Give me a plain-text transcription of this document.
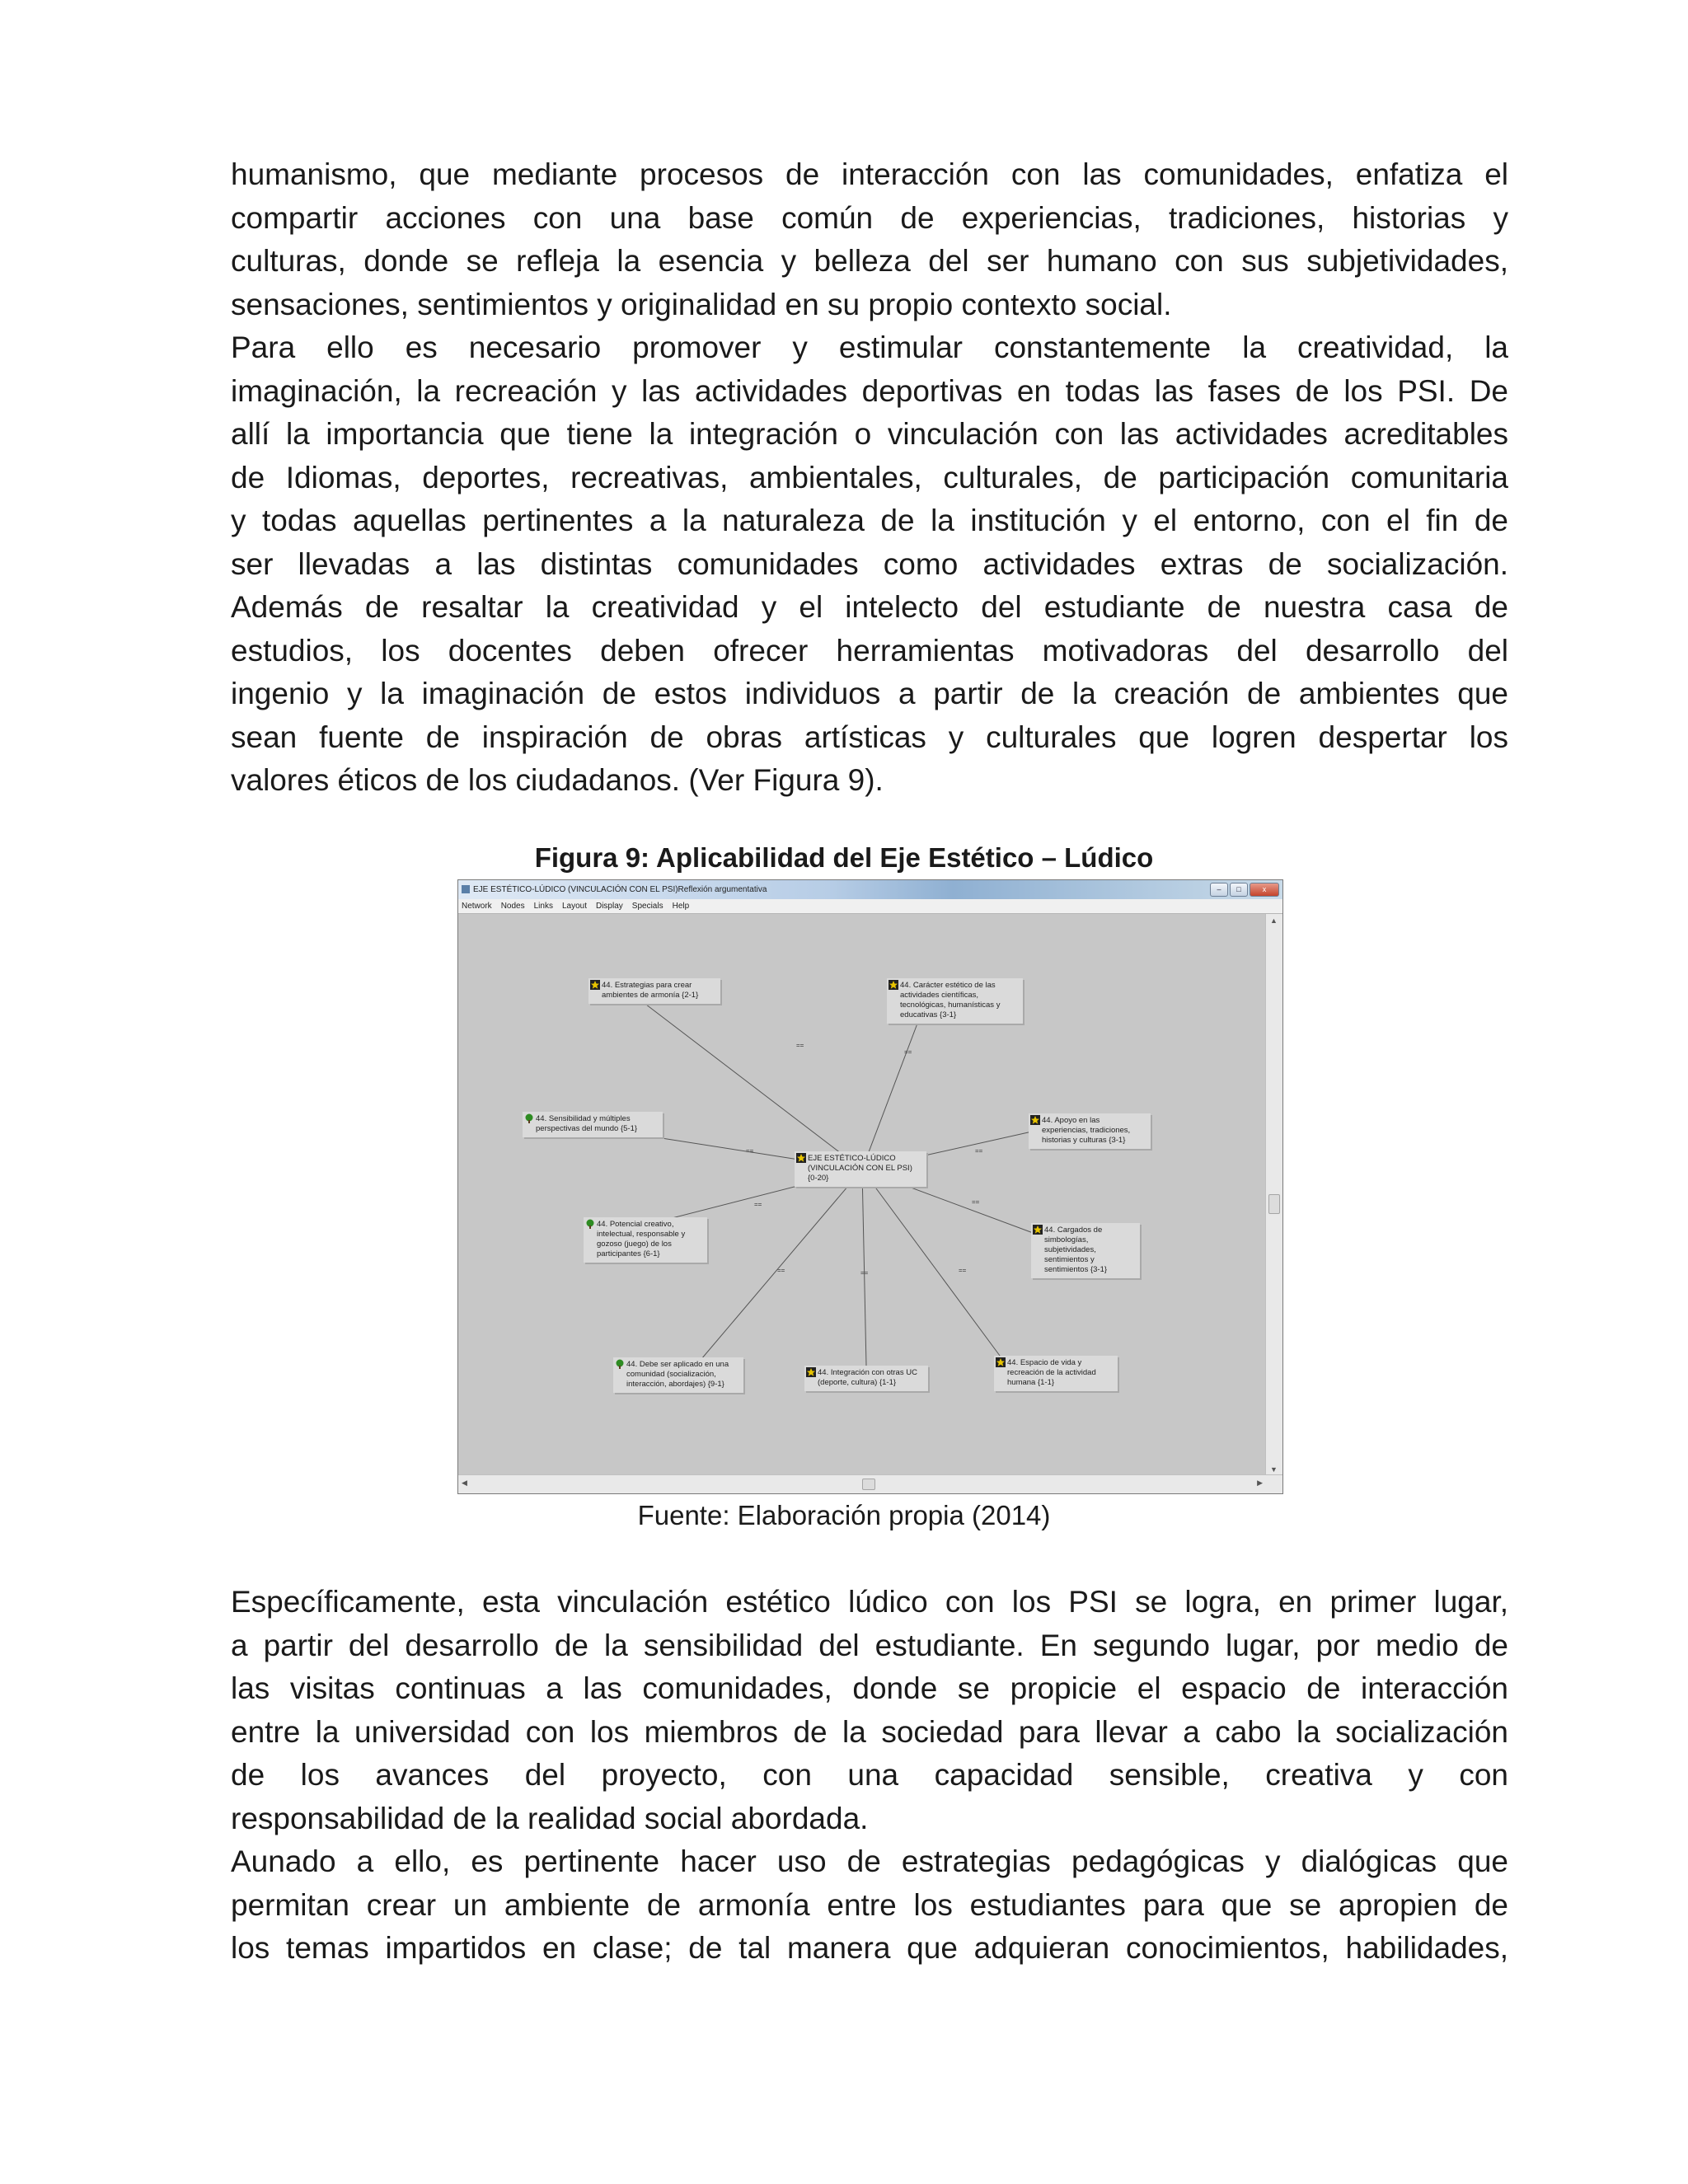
humanismo, que mediante procesos de interacción con las comunidades, enfatiza el
compartir acciones con una base común de experiencias, tradiciones, historias y
culturas, donde se refleja la esencia y belleza del ser humano con sus subjetividades,
sensaciones, sentimientos y originalidad en su propio contexto social.
Para ello es necesario promover y estimular constantemente la creatividad, la
imaginación, la recreación y las actividades deportivas en todas las fases de los PSI. De
allí la importancia que tiene la integración o vinculación con las actividades acreditables
de Idiomas, deportes, recreativas, ambientales, culturales, de participación comunitaria
y todas aquellas pertinentes a la naturaleza de la institución y el entorno, con el fin de
ser llevadas a las distintas comunidades como actividades extras de socialización.
Además de resaltar la creatividad y el intelecto del estudiante de nuestra casa de
estudios, los docentes deben ofrecer herramientas motivadoras del desarrollo del
ingenio y la imaginación de estos individuos a partir de la creación de ambientes que
sean fuente de inspiración de obras artísticas y culturales que logren despertar los
valores éticos de los ciudadanos. (Ver Figura 9).
Figura 9: Aplicabilidad del Eje Estético – Lúdico
EJE ESTÉTICO-LÚDICO (VINCULACIÓN CON EL PSI)Reflexión argumentativa	–	□	x
Network Nodes Links Layout Display Specials Help
==
==
==	==
==	==
==	==	==
44. Estrategias para crear ambientes de armonía {2-1}
44. Carácter estético de las actividades científicas, tecnológicas, humanísticas y educativas {3-1}
44. Sensibilidad y múltiples perspectivas del mundo {5-1}
44. Apoyo en las experiencias, tradiciones, historias y culturas {3-1}
EJE ESTÉTICO-LÚDICO (VINCULACIÓN CON EL PSI) {0-20}
44. Potencial creativo, intelectual, responsable y gozoso (juego) de los participantes {6-1}
44. Cargados de simbologías, subjetividades, sentimientos y sentimientos {3-1}
44. Debe ser aplicado en una comunidad (socialización, interacción, abordajes) {9-1}
44. Integración con otras UC (deporte, cultura) {1-1}
44. Espacio de vida y recreación de la actividad humana {1-1}
▲
▼
◀	▶
Fuente: Elaboración propia (2014)
Específicamente, esta vinculación estético lúdico con los PSI se logra, en primer lugar,
a partir del desarrollo de la sensibilidad del estudiante. En segundo lugar, por medio de
las visitas continuas a las comunidades, donde se propicie el espacio de interacción
entre la universidad con los miembros de la sociedad para llevar a cabo la socialización
de los avances del proyecto, con una capacidad sensible, creativa y con
responsabilidad de la realidad social abordada.
Aunado a ello, es pertinente hacer uso de estrategias pedagógicas y dialógicas que
permitan crear un ambiente de armonía entre los estudiantes para que se apropien de
los temas impartidos en clase; de tal manera que adquieran conocimientos, habilidades,
